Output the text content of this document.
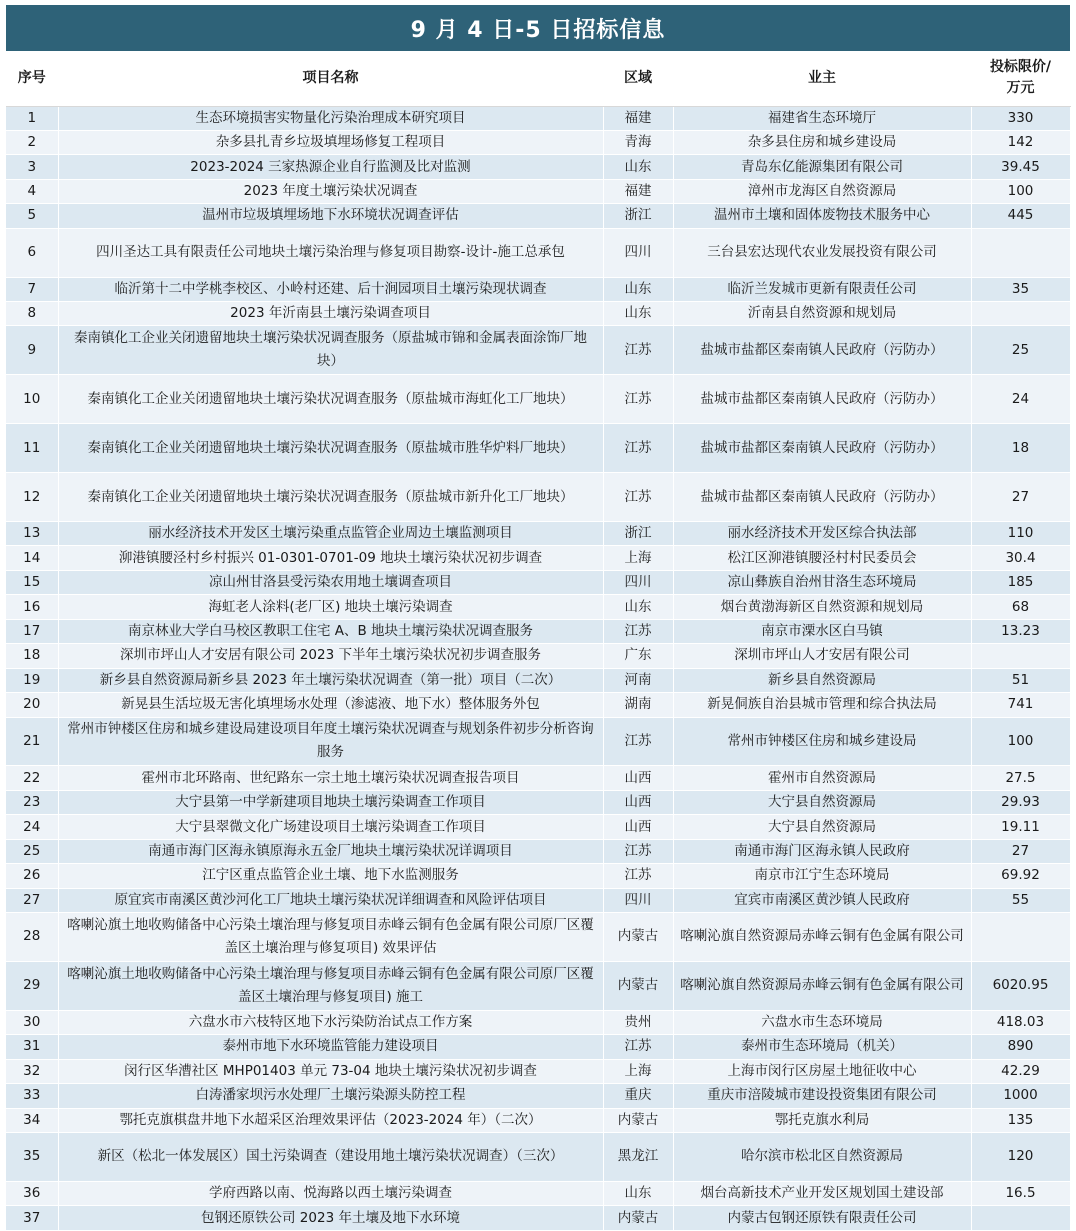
9 月 4 日-5 日招标信息
序号	项目名称	区域	业主	投标限价/
万元
1	生态环境损害实物量化污染治理成本研究项目	福建	福建省生态环境厅	330
2	杂多县扎青乡垃圾填埋场修复工程项目	青海	杂多县住房和城乡建设局	142
3	2023-2024 三家热源企业自行监测及比对监测	山东	青岛东亿能源集团有限公司	39.45
4	2023 年度土壤污染状况调查	福建	漳州市龙海区自然资源局	100
5	温州市垃圾填埋场地下水环境状况调查评估	浙江	温州市土壤和固体废物技术服务中心	445
6	四川圣达工具有限责任公司地块土壤污染治理与修复项目勘察-设计-施工总承包	四川	三台县宏达现代农业发展投资有限公司	
7	临沂第十二中学桃李校区、小岭村还建、后十涧园项目土壤污染现状调查	山东	临沂兰发城市更新有限责任公司	35
8	2023 年沂南县土壤污染调查项目	山东	沂南县自然资源和规划局	
9	秦南镇化工企业关闭遗留地块土壤污染状况调查服务（原盐城市锦和金属表面涂饰厂地块）	江苏	盐城市盐都区秦南镇人民政府（污防办）	25
10	秦南镇化工企业关闭遗留地块土壤污染状况调查服务（原盐城市海虹化工厂地块）	江苏	盐城市盐都区秦南镇人民政府（污防办）	24
11	秦南镇化工企业关闭遗留地块土壤污染状况调查服务（原盐城市胜华炉料厂地块）	江苏	盐城市盐都区秦南镇人民政府（污防办）	18
12	秦南镇化工企业关闭遗留地块土壤污染状况调查服务（原盐城市新升化工厂地块）	江苏	盐城市盐都区秦南镇人民政府（污防办）	27
13	丽水经济技术开发区土壤污染重点监管企业周边土壤监测项目	浙江	丽水经济技术开发区综合执法部	110
14	泖港镇腰泾村乡村振兴 01-0301-0701-09 地块土壤污染状况初步调查	上海	松江区泖港镇腰泾村村民委员会	30.4
15	凉山州甘洛县受污染农用地土壤调查项目	四川	凉山彝族自治州甘洛生态环境局	185
16	海虹老人涂料(老厂区) 地块土壤污染调查	山东	烟台黄渤海新区自然资源和规划局	68
17	南京林业大学白马校区教职工住宅 A、B 地块土壤污染状况调查服务	江苏	南京市溧水区白马镇	13.23
18	深圳市坪山人才安居有限公司 2023 下半年土壤污染状况初步调查服务	广东	深圳市坪山人才安居有限公司	
19	新乡县自然资源局新乡县 2023 年土壤污染状况调查（第一批）项目（二次）	河南	新乡县自然资源局	51
20	新晃县生活垃圾无害化填埋场水处理（渗滤液、地下水）整体服务外包	湖南	新晃侗族自治县城市管理和综合执法局	741
21	常州市钟楼区住房和城乡建设局建设项目年度土壤污染状况调查与规划条件初步分析咨询服务	江苏	常州市钟楼区住房和城乡建设局	100
22	霍州市北环路南、世纪路东一宗土地土壤污染状况调查报告项目	山西	霍州市自然资源局	27.5
23	大宁县第一中学新建项目地块土壤污染调查工作项目	山西	大宁县自然资源局	29.93
24	大宁县翠微文化广场建设项目土壤污染调查工作项目	山西	大宁县自然资源局	19.11
25	南通市海门区海永镇原海永五金厂地块土壤污染状况详调项目	江苏	南通市海门区海永镇人民政府	27
26	江宁区重点监管企业土壤、地下水监测服务	江苏	南京市江宁生态环境局	69.92
27	原宜宾市南溪区黄沙河化工厂地块土壤污染状况详细调查和风险评估项目	四川	宜宾市南溪区黄沙镇人民政府	55
28	喀喇沁旗土地收购储备中心污染土壤治理与修复项目赤峰云铜有色金属有限公司原厂区覆盖区土壤治理与修复项目) 效果评估	内蒙古	喀喇沁旗自然资源局赤峰云铜有色金属有限公司	
29	喀喇沁旗土地收购储备中心污染土壤治理与修复项目赤峰云铜有色金属有限公司原厂区覆盖区土壤治理与修复项目) 施工	内蒙古	喀喇沁旗自然资源局赤峰云铜有色金属有限公司	6020.95
30	六盘水市六枝特区地下水污染防治试点工作方案	贵州	六盘水市生态环境局	418.03
31	泰州市地下水环境监管能力建设项目	江苏	泰州市生态环境局（机关）	890
32	闵行区华漕社区 MHP01403 单元 73-04 地块土壤污染状况初步调查	上海	上海市闵行区房屋土地征收中心	42.29
33	白涛潘家坝污水处理厂土壤污染源头防控工程	重庆	重庆市涪陵城市建设投资集团有限公司	1000
34	鄂托克旗棋盘井地下水超采区治理效果评估（2023-2024 年）（二次）	内蒙古	鄂托克旗水利局	135
35	新区（松北一体发展区）国土污染调查（建设用地土壤污染状况调查）（三次）	黑龙江	哈尔滨市松北区自然资源局	120
36	学府西路以南、悦海路以西土壤污染调查	山东	烟台高新技术产业开发区规划国土建设部	16.5
37	包钢还原铁公司 2023 年土壤及地下水环境	内蒙古	内蒙古包钢还原铁有限责任公司	
